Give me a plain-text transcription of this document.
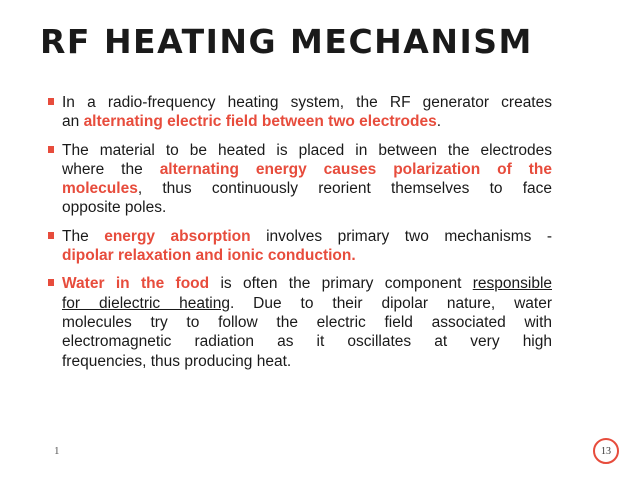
RF HEATING MECHANISM
In a radio-frequency heating system, the RF generator creates
an alternating electric field between two electrodes.
The material to be heated is placed in between the electrodes
where the alternating energy causes polarization of the
molecules, thus continuously reorient themselves to face
opposite poles.
The energy absorption involves primary two mechanisms -
dipolar relaxation and ionic conduction.
Water in the food is often the primary component responsible
for dielectric heating. Due to their dipolar nature, water
molecules try to follow the electric field associated with
electromagnetic radiation as it oscillates at very high
frequencies, thus producing heat.
1	13
